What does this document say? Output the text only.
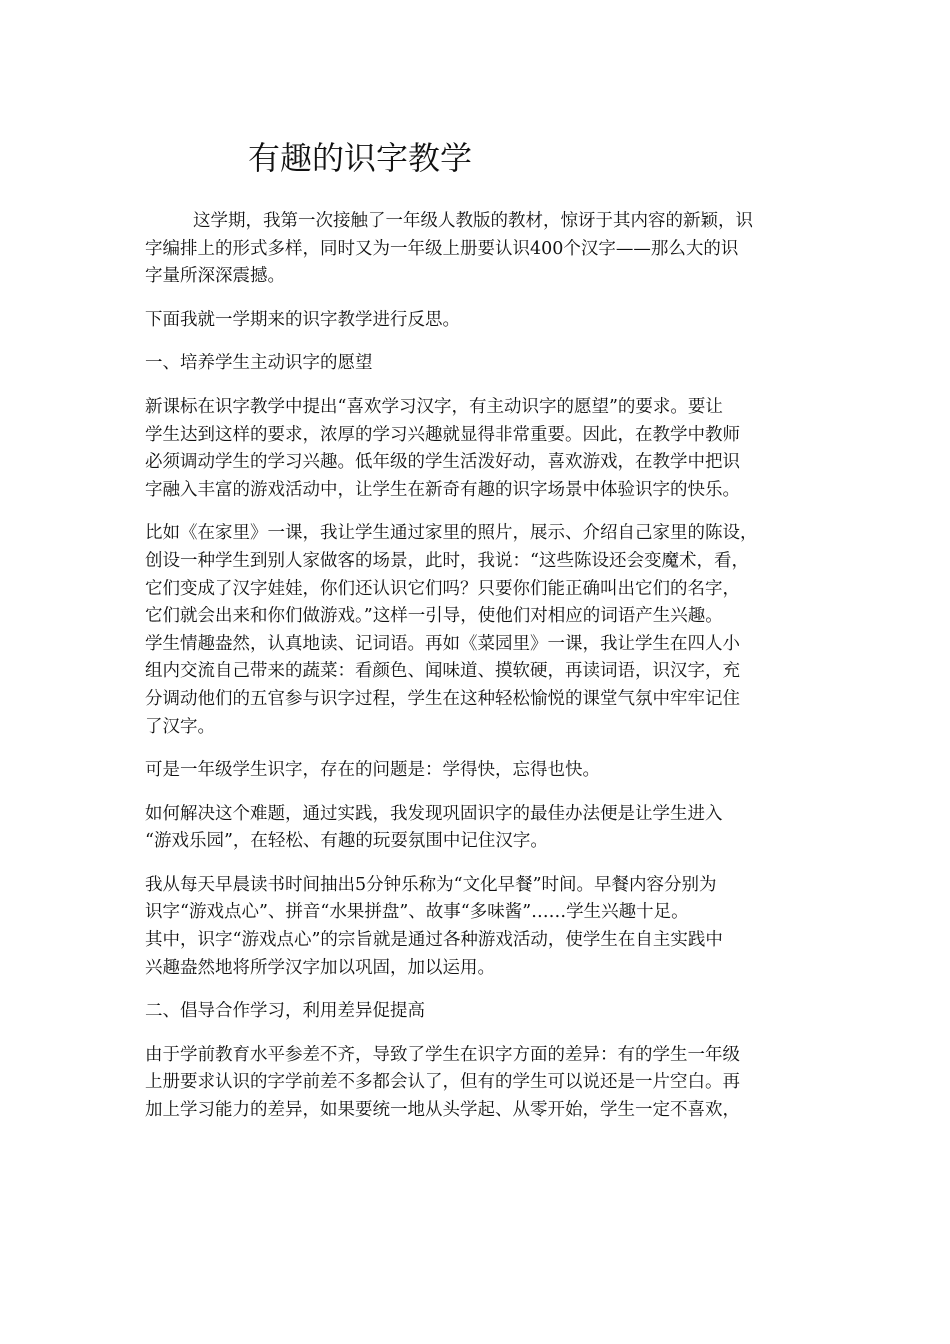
有趣的识字教学

这学期，我第一次接触了一年级人教版的教材，惊讶于其内容的新颖，识
字编排上的形式多样，同时又为一年级上册要认识400个汉字——那么大的识
字量所深深震撼。

下面我就一学期来的识字教学进行反思。

一、培养学生主动识字的愿望

新课标在识字教学中提出“喜欢学习汉字，有主动识字的愿望”的要求。要让
学生达到这样的要求，浓厚的学习兴趣就显得非常重要。因此，在教学中教师
必须调动学生的学习兴趣。低年级的学生活泼好动，喜欢游戏，在教学中把识
字融入丰富的游戏活动中，让学生在新奇有趣的识字场景中体验识字的快乐。

比如《在家里》一课，我让学生通过家里的照片，展示、介绍自己家里的陈设，
创设一种学生到别人家做客的场景，此时，我说：“这些陈设还会变魔术，看，
它们变成了汉字娃娃，你们还认识它们吗？只要你们能正确叫出它们的名字，
它们就会出来和你们做游戏。”这样一引导，使他们对相应的词语产生兴趣。
学生情趣盎然，认真地读、记词语。再如《菜园里》一课，我让学生在四人小
组内交流自己带来的蔬菜：看颜色、闻味道、摸软硬，再读词语，识汉字，充
分调动他们的五官参与识字过程，学生在这种轻松愉悦的课堂气氛中牢牢记住
了汉字。

可是一年级学生识字，存在的问题是：学得快，忘得也快。

如何解决这个难题，通过实践，我发现巩固识字的最佳办法便是让学生进入
“游戏乐园”，在轻松、有趣的玩耍氛围中记住汉字。

我从每天早晨读书时间抽出5分钟乐称为“文化早餐”时间。早餐内容分别为
识字“游戏点心”、拼音“水果拼盘”、故事“多味酱”……学生兴趣十足。
其中，识字“游戏点心”的宗旨就是通过各种游戏活动，使学生在自主实践中
兴趣盎然地将所学汉字加以巩固，加以运用。

二、倡导合作学习，利用差异促提高

由于学前教育水平参差不齐，导致了学生在识字方面的差异：有的学生一年级
上册要求认识的字学前差不多都会认了，但有的学生可以说还是一片空白。再
加上学习能力的差异，如果要统一地从头学起、从零开始，学生一定不喜欢，
